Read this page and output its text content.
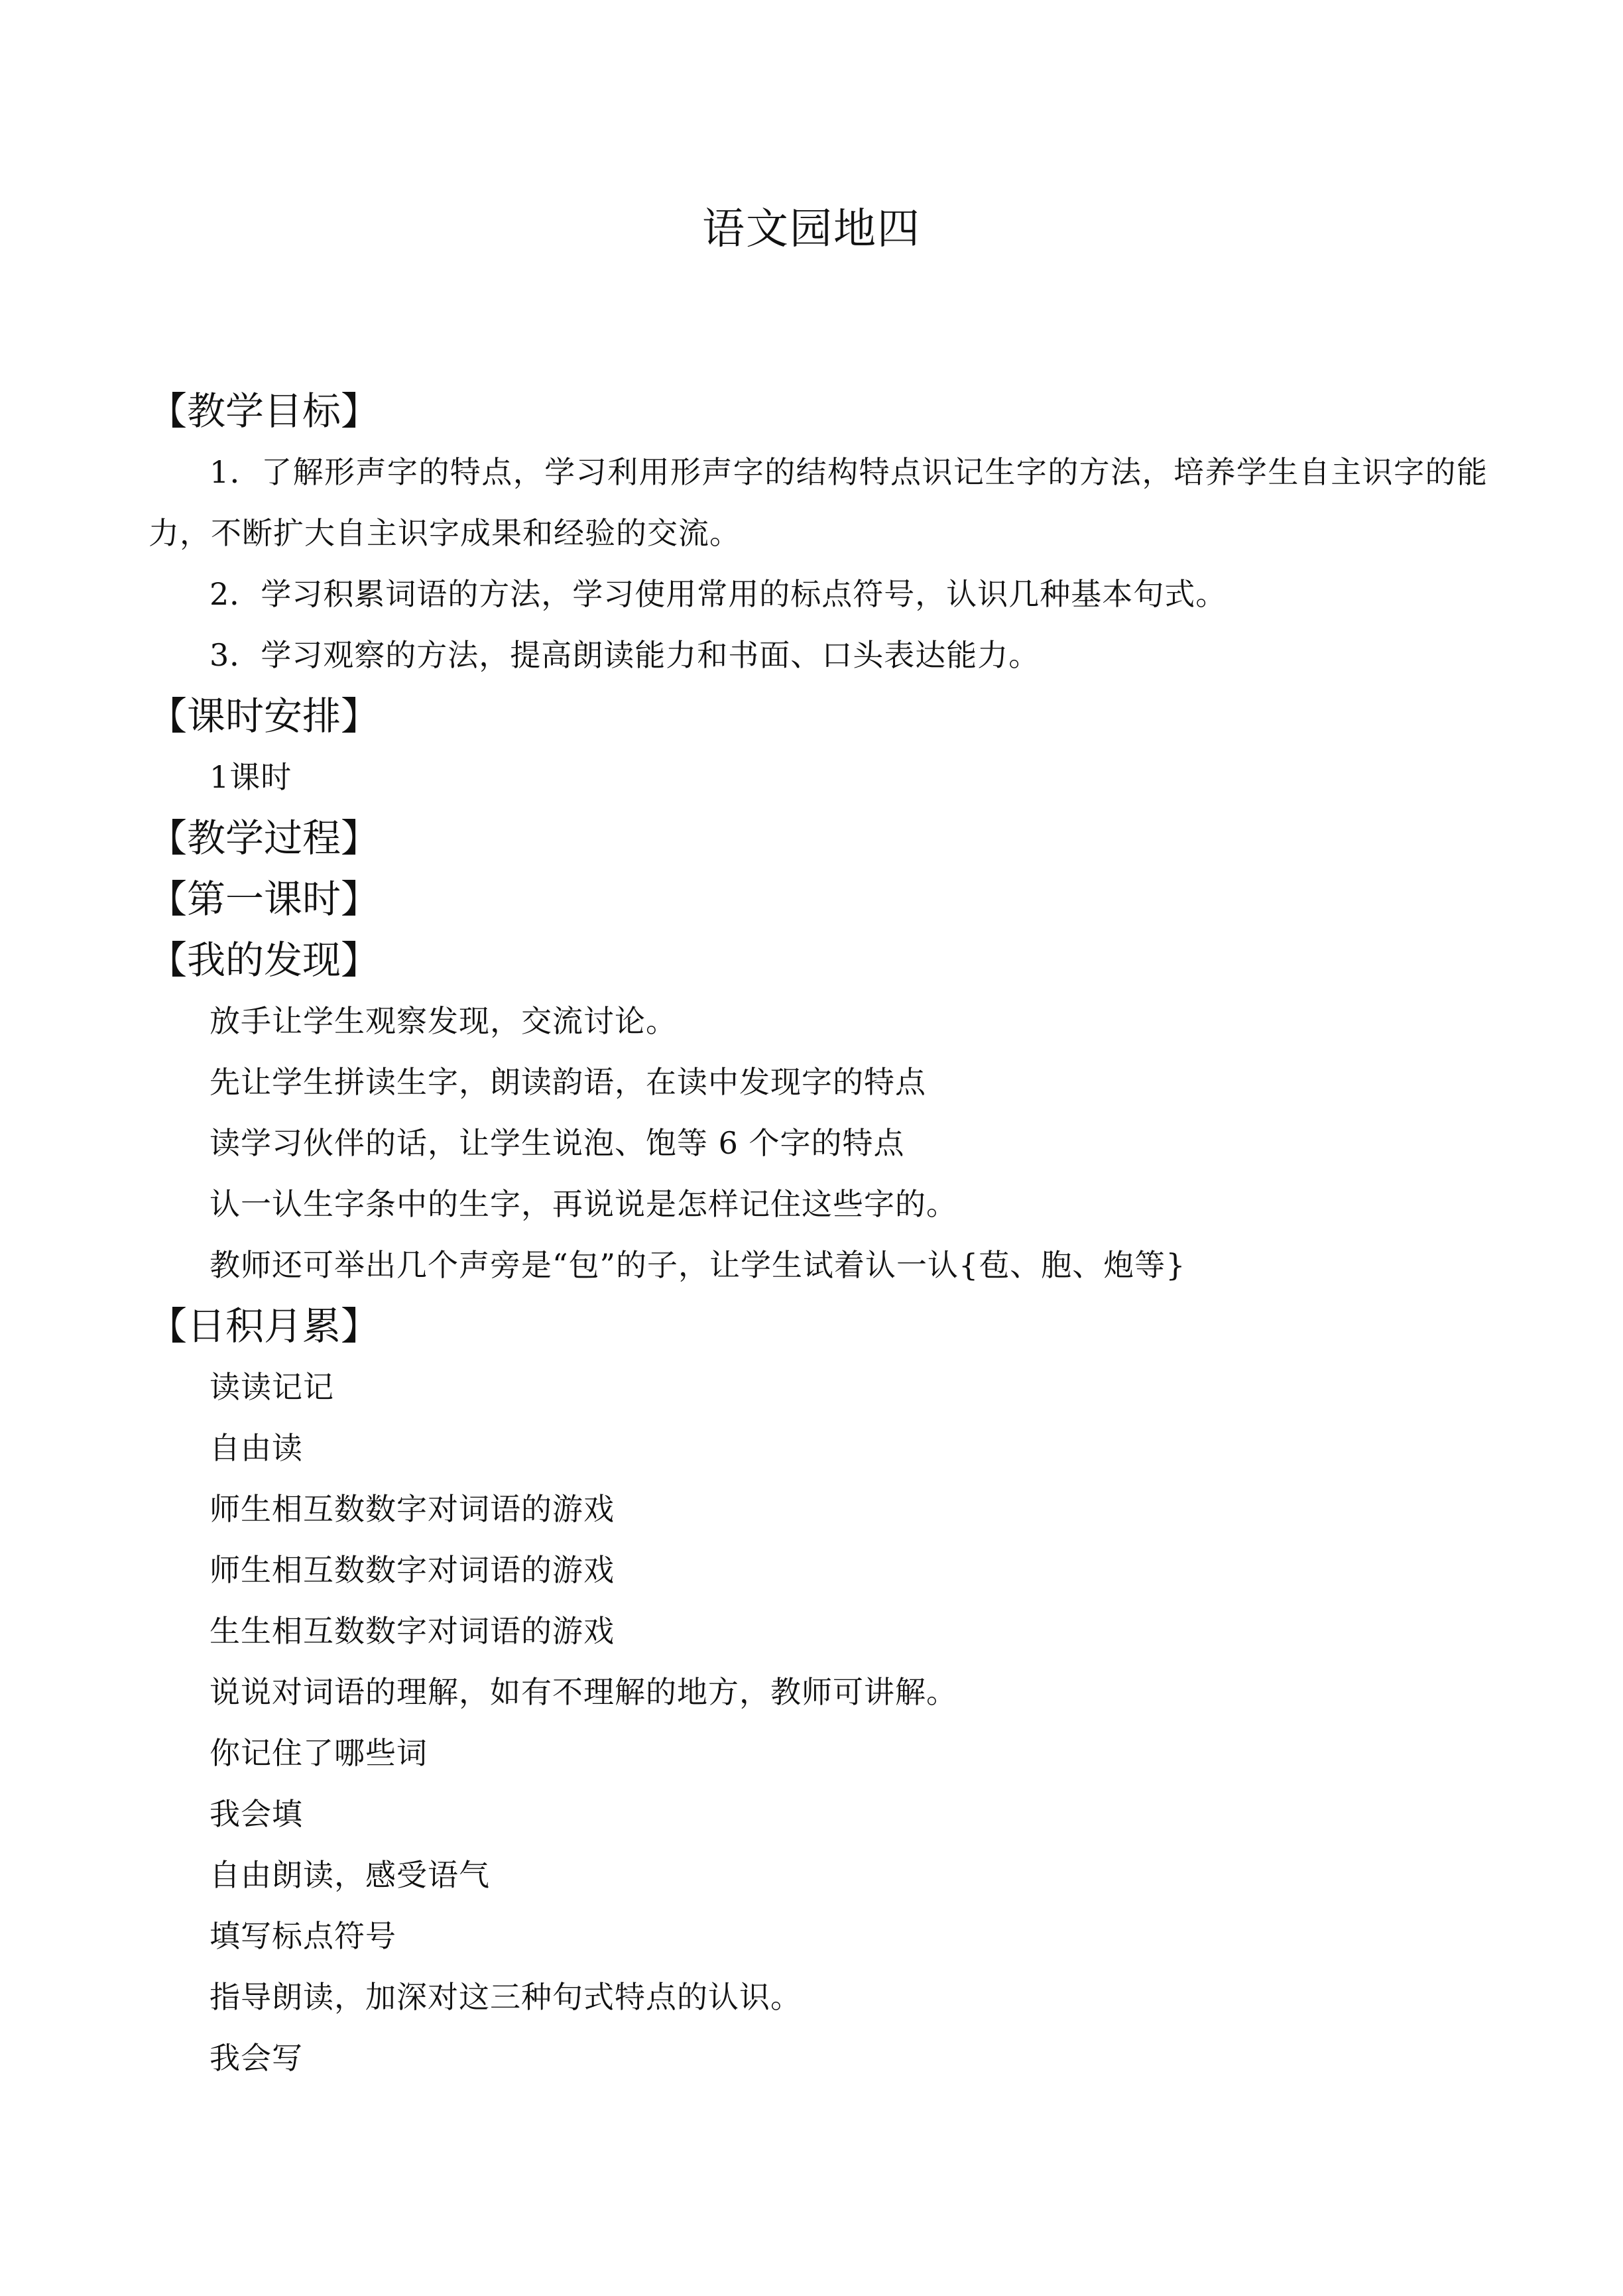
语文园地四
【教学目标】
1．了解形声字的特点，学习利用形声字的结构特点识记生字的方法，培养学生自主识字的能力，不断扩大自主识字成果和经验的交流。
2．学习积累词语的方法，学习使用常用的标点符号，认识几种基本句式。
3．学习观察的方法，提高朗读能力和书面、口头表达能力。
【课时安排】
1课时
【教学过程】
【第一课时】
【我的发现】
放手让学生观察发现，交流讨论。
先让学生拼读生字，朗读韵语，在读中发现字的特点
读学习伙伴的话，让学生说泡、饱等 6 个字的特点
认一认生字条中的生字，再说说是怎样记住这些字的。
教师还可举出几个声旁是“包”的子，让学生试着认一认{苞、胞、炮等}
【日积月累】
读读记记
自由读
师生相互数数字对词语的游戏
师生相互数数字对词语的游戏
生生相互数数字对词语的游戏
说说对词语的理解，如有不理解的地方，教师可讲解。
你记住了哪些词
我会填
自由朗读，感受语气
填写标点符号
指导朗读，加深对这三种句式特点的认识。
我会写
